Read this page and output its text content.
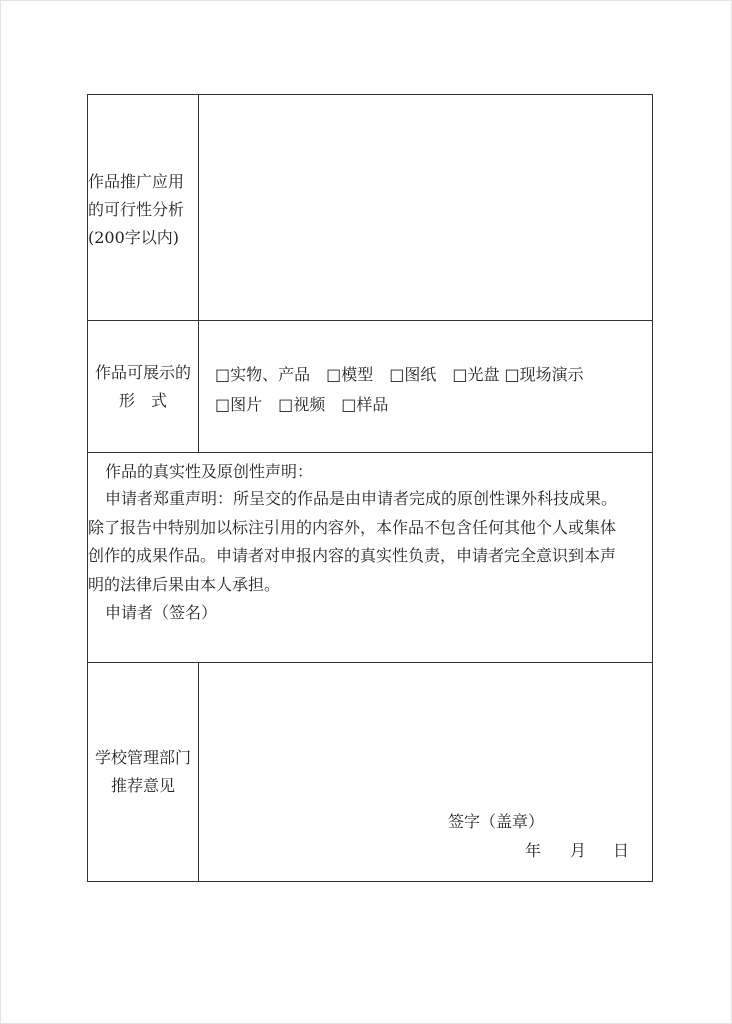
作品推广应用
的可行性分析
(200字以内)
作品可展示的
形　式
□实物、产品　□模型　□图纸　□光盘 □现场演示
□图片　□视频　□样品
作品的真实性及原创性声明：
申请者郑重声明：所呈交的作品是由申请者完成的原创性课外科技成果。
除了报告中特别加以标注引用的内容外，本作品不包含任何其他个人或集体
创作的成果作品。申请者对申报内容的真实性负责，申请者完全意识到本声
明的法律后果由本人承担。
申请者（签名）
学校管理部门
推荐意见
签字（盖章）
年 月 日
